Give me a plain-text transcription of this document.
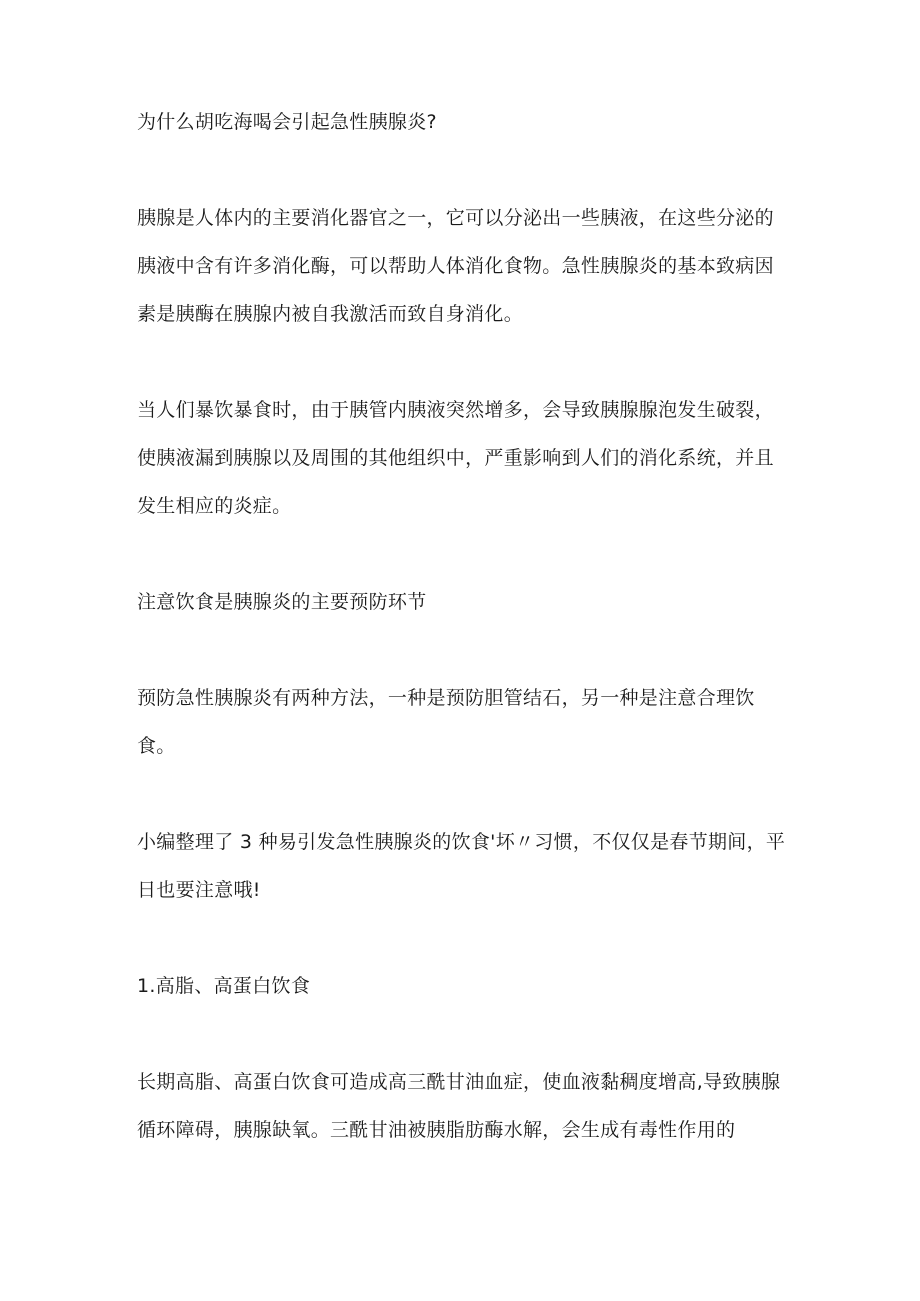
为什么胡吃海喝会引起急性胰腺炎?

胰腺是人体内的主要消化器官之一，它可以分泌出一些胰液，在这些分泌的胰液中含有许多消化酶，可以帮助人体消化食物。急性胰腺炎的基本致病因素是胰酶在胰腺内被自我激活而致自身消化。

当人们暴饮暴食时，由于胰管内胰液突然增多，会导致胰腺腺泡发生破裂，使胰液漏到胰腺以及周围的其他组织中，严重影响到人们的消化系统，并且发生相应的炎症。

注意饮食是胰腺炎的主要预防环节

预防急性胰腺炎有两种方法，一种是预防胆管结石，另一种是注意合理饮食。

小编整理了 3 种易引发急性胰腺炎的饮食'坏〃习惯，不仅仅是春节期间，平日也要注意哦!

1.高脂、高蛋白饮食

长期高脂、高蛋白饮食可造成高三酰甘油血症，使血液黏稠度增高,导致胰腺循环障碍，胰腺缺氧。三酰甘油被胰脂肪酶水解，会生成有毒性作用的
